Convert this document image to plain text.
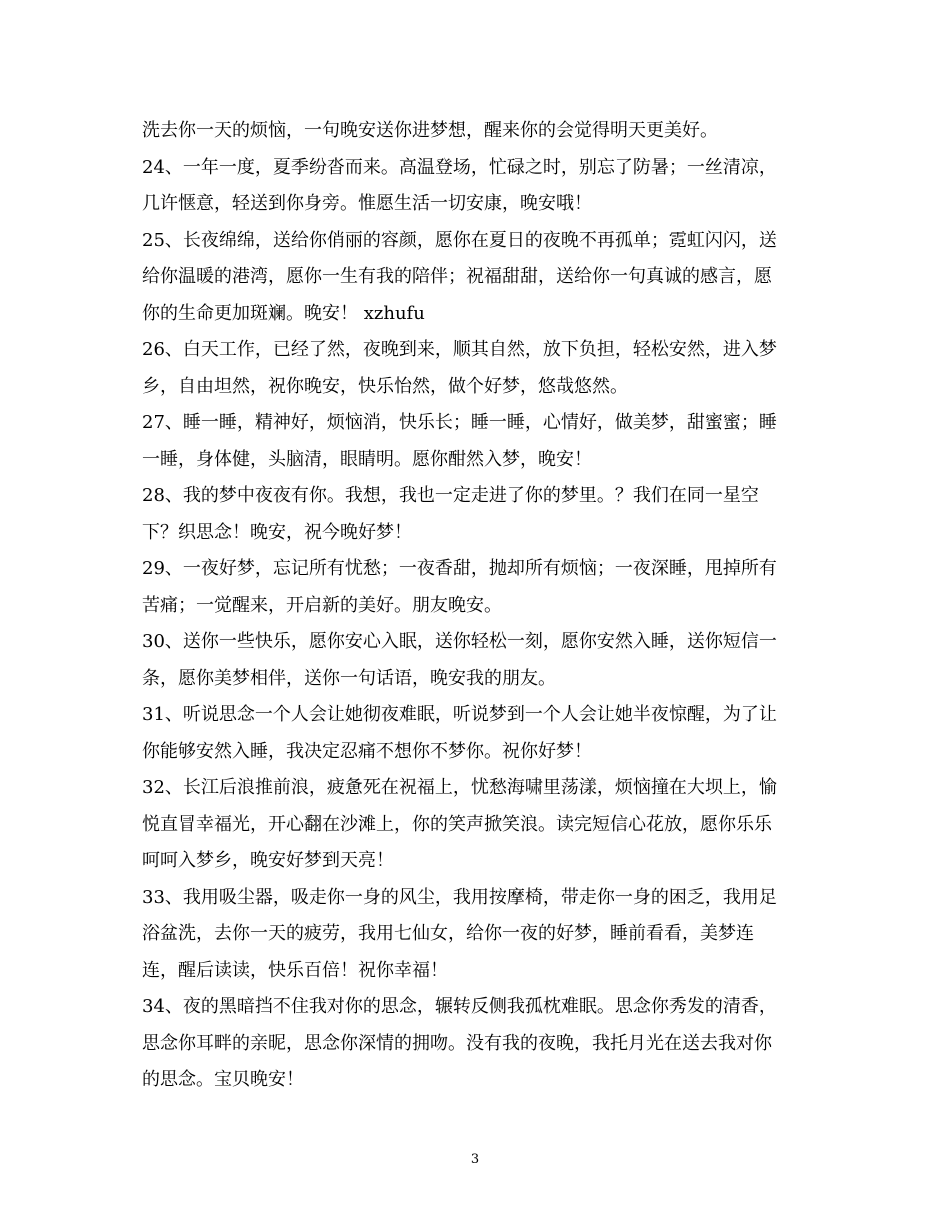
洗去你一天的烦恼，一句晚安送你进梦想，醒来你的会觉得明天更美好。

24、一年一度，夏季纷沓而来。高温登场，忙碌之时，别忘了防暑；一丝清凉，

几许惬意，轻送到你身旁。惟愿生活一切安康，晚安哦！

25、长夜绵绵，送给你俏丽的容颜，愿你在夏日的夜晚不再孤单；霓虹闪闪，送

给你温暖的港湾，愿你一生有我的陪伴；祝福甜甜，送给你一句真诚的感言，愿

你的生命更加斑斓。晚安！ xzhufu

26、白天工作，已经了然，夜晚到来，顺其自然，放下负担，轻松安然，进入梦

乡，自由坦然，祝你晚安，快乐怡然，做个好梦，悠哉悠然。

27、睡一睡，精神好，烦恼消，快乐长；睡一睡，心情好，做美梦，甜蜜蜜；睡

一睡，身体健，头脑清，眼睛明。愿你酣然入梦，晚安！

28、我的梦中夜夜有你。我想，我也一定走进了你的梦里。？我们在同一星空

下？织思念！晚安，祝今晚好梦！

29、一夜好梦，忘记所有忧愁；一夜香甜，抛却所有烦恼；一夜深睡，甩掉所有

苦痛；一觉醒来，开启新的美好。朋友晚安。

30、送你一些快乐，愿你安心入眠，送你轻松一刻，愿你安然入睡，送你短信一

条，愿你美梦相伴，送你一句话语，晚安我的朋友。

31、听说思念一个人会让她彻夜难眠，听说梦到一个人会让她半夜惊醒，为了让

你能够安然入睡，我决定忍痛不想你不梦你。祝你好梦！

32、长江后浪推前浪，疲惫死在祝福上，忧愁海啸里荡漾，烦恼撞在大坝上，愉

悦直冒幸福光，开心翻在沙滩上，你的笑声掀笑浪。读完短信心花放，愿你乐乐

呵呵入梦乡，晚安好梦到天亮！

33、我用吸尘器，吸走你一身的风尘，我用按摩椅，带走你一身的困乏，我用足

浴盆洗，去你一天的疲劳，我用七仙女，给你一夜的好梦，睡前看看，美梦连

连，醒后读读，快乐百倍！祝你幸福！

34、夜的黑暗挡不住我对你的思念，辗转反侧我孤枕难眠。思念你秀发的清香，

思念你耳畔的亲昵，思念你深情的拥吻。没有我的夜晚，我托月光在送去我对你

的思念。宝贝晚安！

3
